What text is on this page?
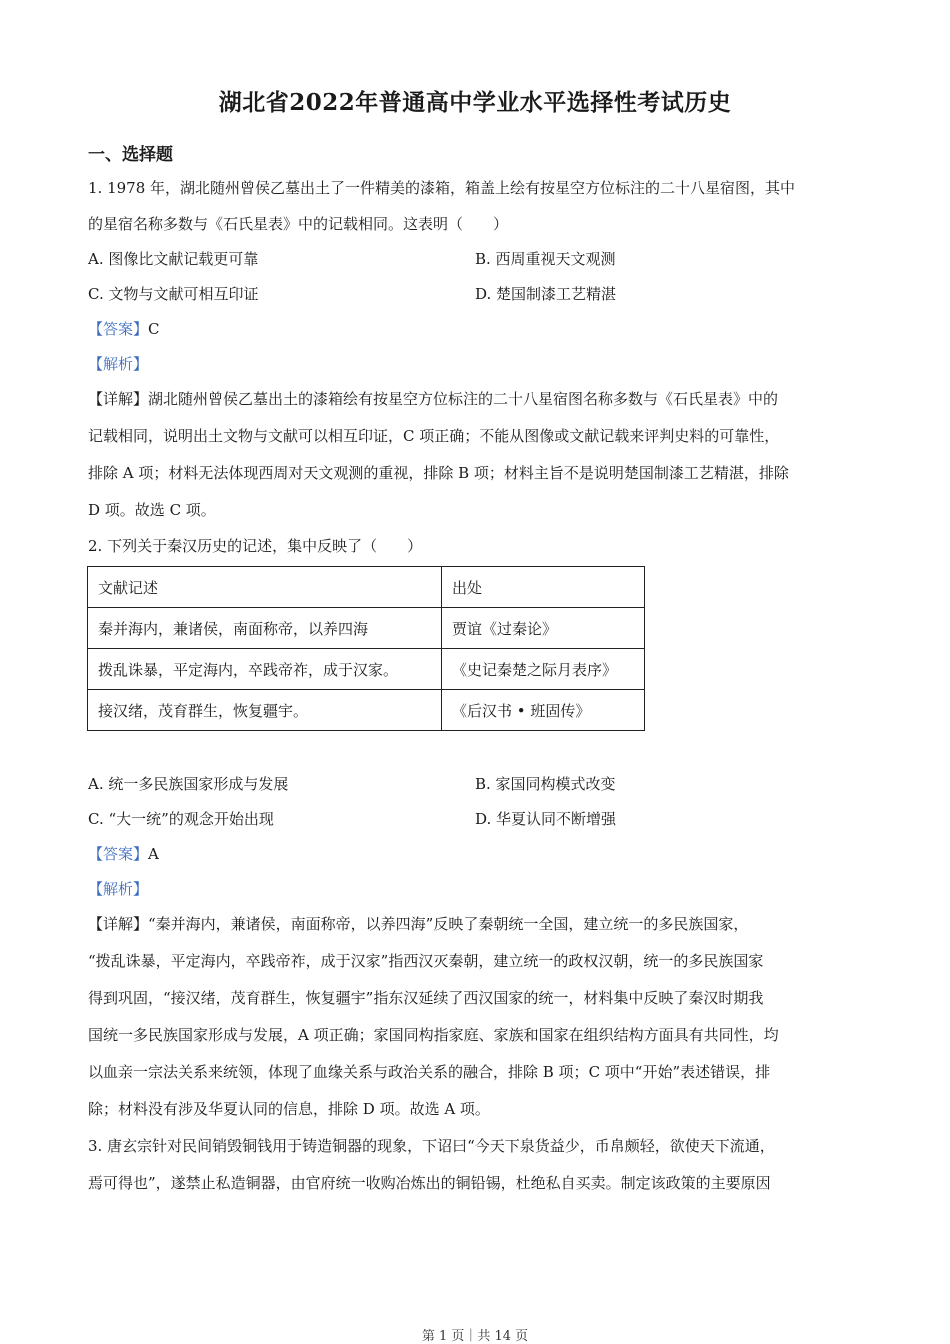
湖北省2022年普通高中学业水平选择性考试历史
一、选择题
1. 1978 年，湖北随州曾侯乙墓出土了一件精美的漆箱，箱盖上绘有按星空方位标注的二十八星宿图，其中
的星宿名称多数与《石氏星表》中的记载相同。这表明（　　）
A. 图像比文献记载更可靠	B. 西周重视天文观测
C. 文物与文献可相互印证	D. 楚国制漆工艺精湛
【答案】C
【解析】
【详解】湖北随州曾侯乙墓出土的漆箱绘有按星空方位标注的二十八星宿图名称多数与《石氏星表》中的
记载相同，说明出土文物与文献可以相互印证，C 项正确；不能从图像或文献记载来评判史料的可靠性，
排除 A 项；材料无法体现西周对天文观测的重视，排除 B 项；材料主旨不是说明楚国制漆工艺精湛，排除
D 项。故选 C 项。
2. 下列关于秦汉历史的记述，集中反映了（　　）
文献记述	出处
秦并海内，兼诸侯，南面称帝，以养四海	贾谊《过秦论》
拨乱诛暴，平定海内，卒践帝祚，成于汉家。	《史记秦楚之际月表序》
接汉绪，茂育群生，恢复疆宇。	《后汉书 • 班固传》
A. 统一多民族国家形成与发展	B. 家国同构模式改变
C. “大一统”的观念开始出现	D. 华夏认同不断增强
【答案】A
【解析】
【详解】“秦并海内，兼诸侯，南面称帝，以养四海”反映了秦朝统一全国，建立统一的多民族国家，
“拨乱诛暴，平定海内，卒践帝祚，成于汉家”指西汉灭秦朝，建立统一的政权汉朝，统一的多民族国家
得到巩固，“接汉绪，茂育群生，恢复疆宇”指东汉延续了西汉国家的统一，材料集中反映了秦汉时期我
国统一多民族国家形成与发展，A 项正确；家国同构指家庭、家族和国家在组织结构方面具有共同性，均
以血亲一宗法关系来统领，体现了血缘关系与政治关系的融合，排除 B 项；C 项中“开始”表述错误，排
除；材料没有涉及华夏认同的信息，排除 D 项。故选 A 项。
3. 唐玄宗针对民间销毁铜钱用于铸造铜器的现象，下诏曰“今天下泉货益少，币帛颇轻，欲使天下流通，
焉可得也”，遂禁止私造铜器，由官府统一收购冶炼出的铜铅锡，杜绝私自买卖。制定该政策的主要原因
第 1 页｜共 14 页
